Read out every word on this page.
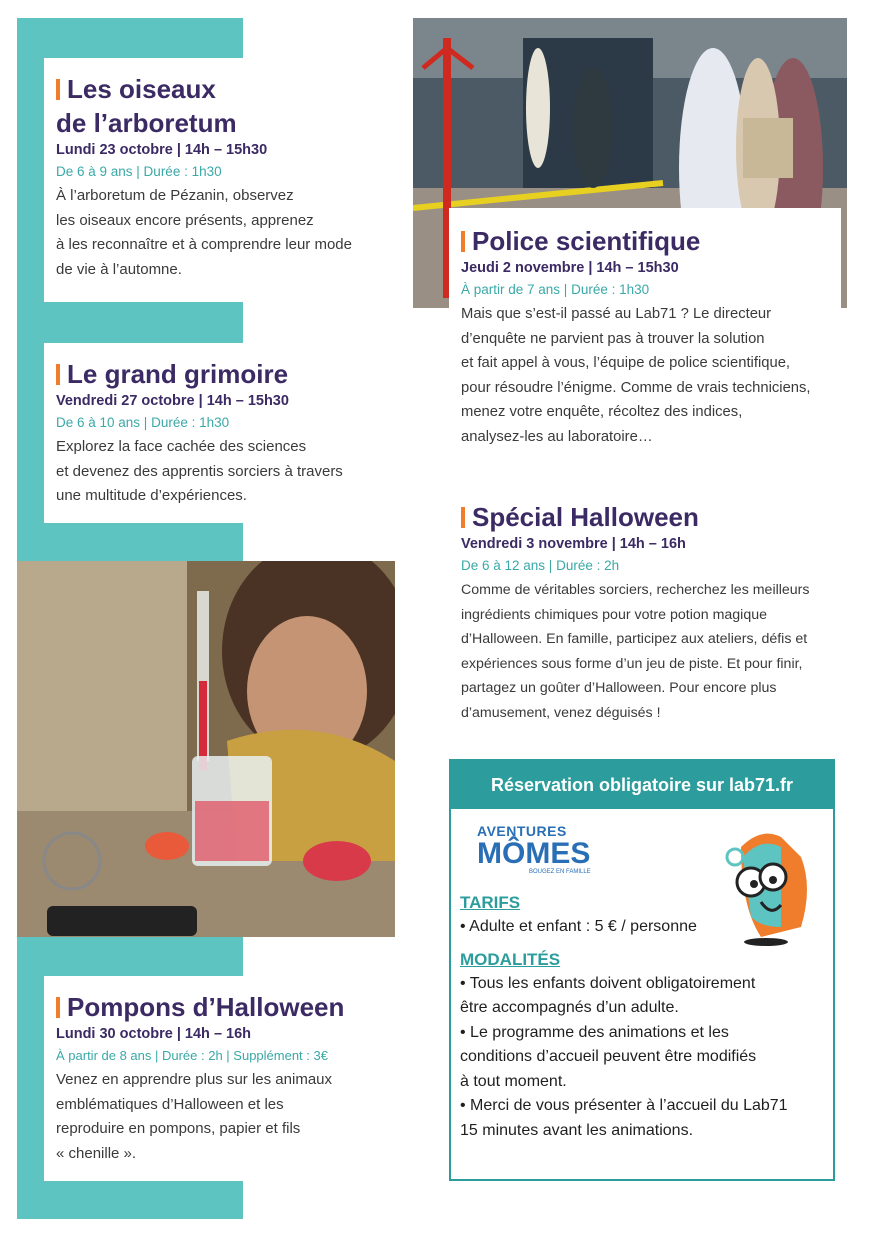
Les oiseaux

de l’arboretum

Lundi 23 octobre | 14h – 15h30
De 6 à 9 ans | Durée : 1h30
À l’arboretum de Pézanin, observez
les oiseaux encore présents, apprenez
à les reconnaître et à comprendre leur mode
de vie à l’automne.

Le grand grimoire

Vendredi 27 octobre | 14h – 15h30
De 6 à 10 ans | Durée : 1h30
Explorez la face cachée des sciences
et devenez des apprentis sorciers à travers
une multitude d’expériences.

Police scientifique

Jeudi 2 novembre | 14h – 15h30
À partir de 7 ans | Durée : 1h30
Mais que s’est-il passé au Lab71 ? Le directeur
d’enquête ne parvient pas à trouver la solution
et fait appel à vous, l’équipe de police scientifique,
pour résoudre l’énigme. Comme de vrais techniciens,
menez votre enquête, récoltez des indices,
analysez-les au laboratoire…

Spécial Halloween

Vendredi 3 novembre | 14h – 16h
De 6 à 12 ans | Durée : 2h
Comme de véritables sorciers, recherchez les meilleurs
ingrédients chimiques pour votre potion magique
d’Halloween. En famille, participez aux ateliers, défis et
expériences sous forme d’un jeu de piste. Et pour finir,
partagez un goûter d’Halloween. Pour encore plus
d’amusement, venez déguisés !

Pompons d’Halloween

Lundi 30 octobre | 14h – 16h
À partir de 8 ans | Durée : 2h | Supplément : 3€
Venez en apprendre plus sur les animaux
emblématiques d’Halloween et les
reproduire en pompons, papier et fils
« chenille ».
Réservation obligatoire sur lab71.fr
AVENTURES
MÔMES
BOUGEZ EN FAMILLE
TARIFS
• Adulte et enfant : 5 € / personne
MODALITÉS
• Tous les enfants doivent obligatoirement
être accompagnés d’un adulte.
• Le programme des animations et les
conditions d’accueil peuvent être modifiés
à tout moment.
• Merci de vous présenter à l’accueil du Lab71
15 minutes avant les animations.
